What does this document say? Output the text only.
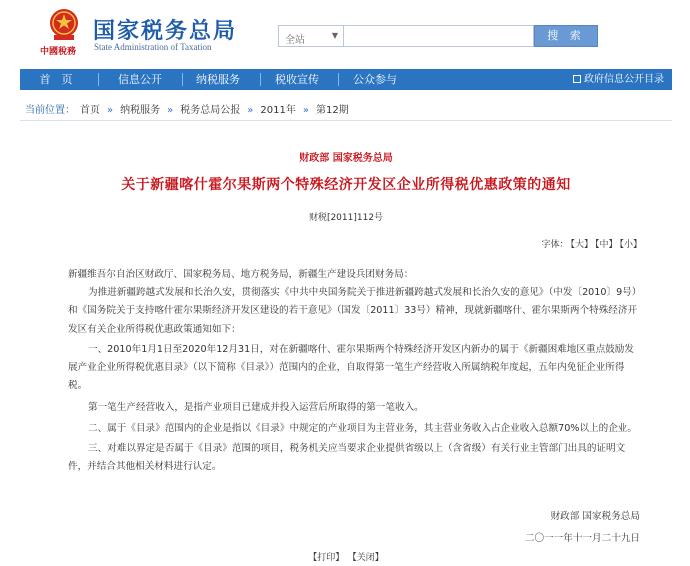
中國稅務
国家税务总局
State Administration of Taxation
全站	▼	搜 索
首　页	信息公开	纳税服务	税收宣传	公众参与	政府信息公开目录
当前位置： 首页 » 纳税服务 » 税务总局公报 » 2011年 » 第12期
财政部 国家税务总局
关于新疆喀什霍尔果斯两个特殊经济开发区企业所得税优惠政策的通知
财税[2011]112号
字体： 【大】 【中】 【小】

新疆维吾尔自治区财政厅、国家税务局、地方税务局，新疆生产建设兵团财务局：

为推进新疆跨越式发展和长治久安，贯彻落实《中共中央国务院关于推进新疆跨越式发展和长治久安的意见》（中发〔2010〕9号）和《国务院关于支持喀什霍尔果斯经济开发区建设的若干意见》（国发〔2011〕33号）精神，现就新疆喀什、霍尔果斯两个特殊经济开发区有关企业所得税优惠政策通知如下：

一、2010年1月1日至2020年12月31日，对在新疆喀什、霍尔果斯两个特殊经济开发区内新办的属于《新疆困难地区重点鼓励发展产业企业所得税优惠目录》（以下简称《目录》）范围内的企业，自取得第一笔生产经营收入所属纳税年度起，五年内免征企业所得税。

第一笔生产经营收入，是指产业项目已建成并投入运营后所取得的第一笔收入。

二、属于《目录》范围内的企业是指以《目录》中规定的产业项目为主营业务，其主营业务收入占企业收入总额70%以上的企业。

三、对难以界定是否属于《目录》范围的项目，税务机关应当要求企业提供省级以上（含省级）有关行业主管部门出具的证明文件，并结合其他相关材料进行认定。

财政部 国家税务总局
二〇一一年十一月二十九日
【打印】 【关闭】
